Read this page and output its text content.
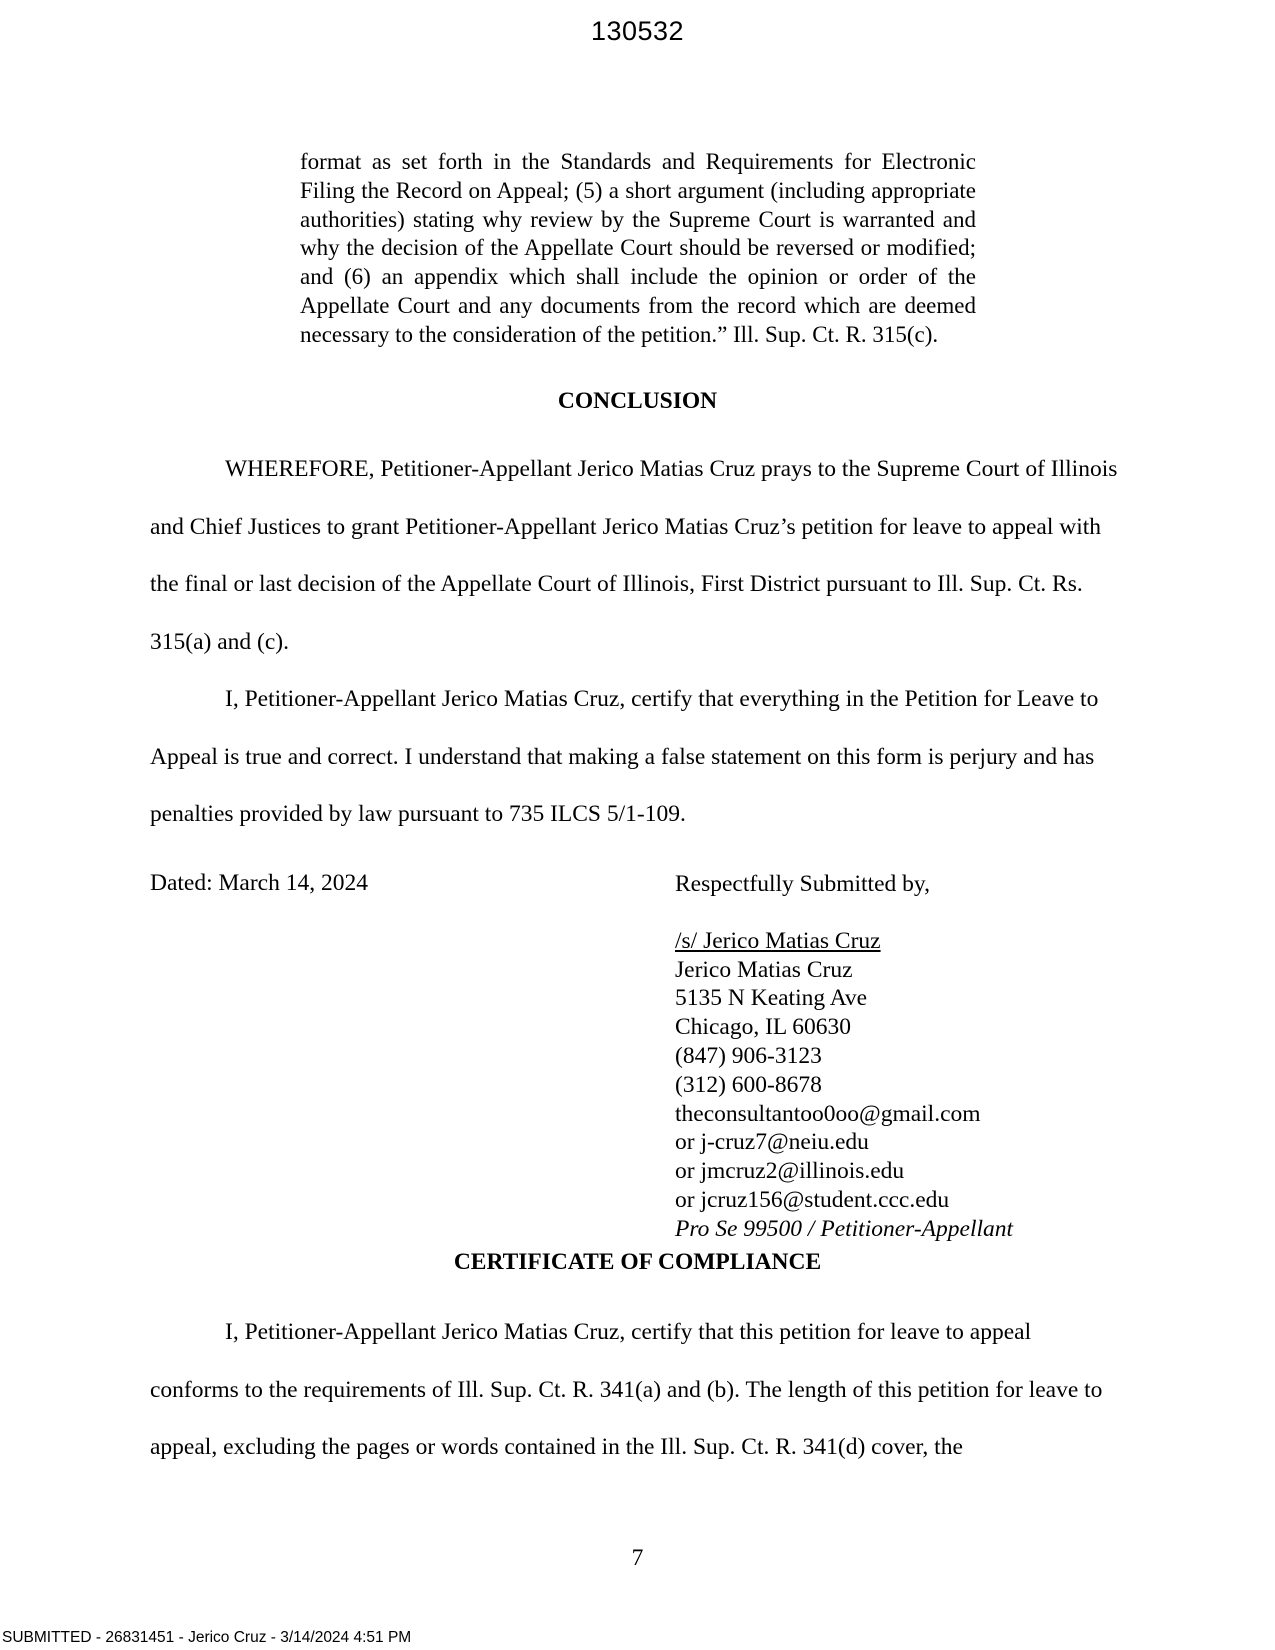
130532

format as set forth in the Standards and Requirements for Electronic Filing the Record on Appeal; (5) a short argument (including appropriate authorities) stating why review by the Supreme Court is warranted and why the decision of the Appellate Court should be reversed or modified; and (6) an appendix which shall include the opinion or order of the Appellate Court and any documents from the record which are deemed necessary to the consideration of the petition.” Ill. Sup. Ct. R. 315(c).

CONCLUSION

WHEREFORE, Petitioner-Appellant Jerico Matias Cruz prays to the Supreme Court of Illinois and Chief Justices to grant Petitioner-Appellant Jerico Matias Cruz’s petition for leave to appeal with the final or last decision of the Appellate Court of Illinois, First District pursuant to Ill. Sup. Ct. Rs. 315(a) and (c).

I, Petitioner-Appellant Jerico Matias Cruz, certify that everything in the Petition for Leave to Appeal is true and correct. I understand that making a false statement on this form is perjury and has penalties provided by law pursuant to 735 ILCS 5/1-109.

Dated: March 14, 2024	Respectfully Submitted by,
/s/ Jerico Matias Cruz
Jerico Matias Cruz
5135 N Keating Ave
Chicago, IL 60630
(847) 906-3123
(312) 600-8678
theconsultantoo0oo@gmail.com
or j-cruz7@neiu.edu
or jmcruz2@illinois.edu
or jcruz156@student.ccc.edu
Pro Se 99500 / Petitioner-Appellant
CERTIFICATE OF COMPLIANCE

I, Petitioner-Appellant Jerico Matias Cruz, certify that this petition for leave to appeal conforms to the requirements of Ill. Sup. Ct. R. 341(a) and (b). The length of this petition for leave to appeal, excluding the pages or words contained in the Ill. Sup. Ct. R. 341(d) cover, the

7
SUBMITTED - 26831451 - Jerico Cruz - 3/14/2024 4:51 PM
